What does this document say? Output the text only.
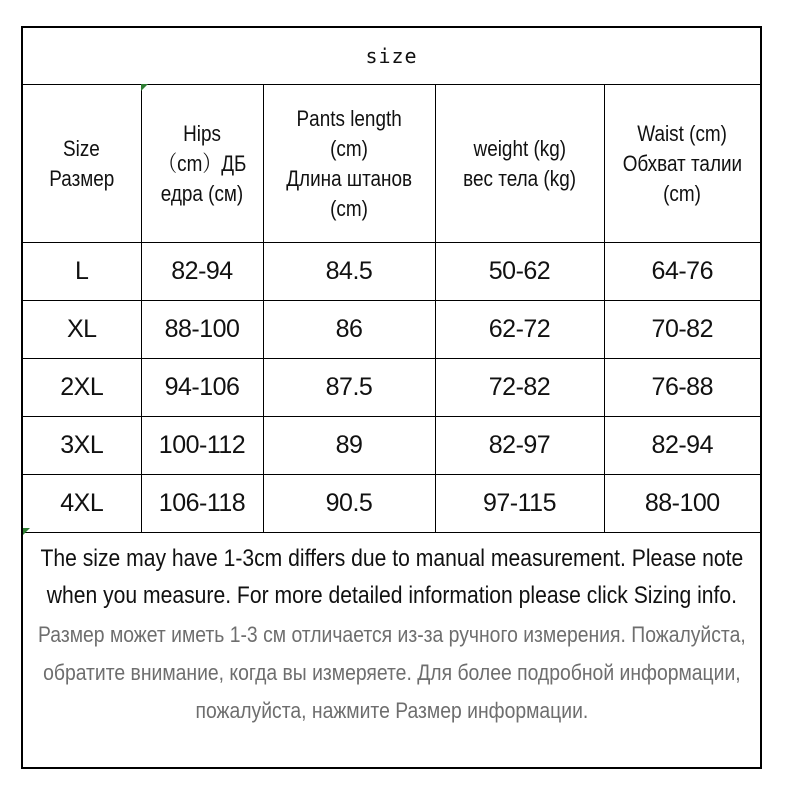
size				
Size Размер	Hips （cm）ДБ едра (см)	Pants length (cm) Длина штанов (cm)	weight (kg) вес тела (kg)	Waist (cm) Обхват талии (cm)
L	82-94	84.5	50-62	64-76
XL	88-100	86	62-72	70-82
2XL	94-106	87.5	72-82	76-88
3XL	100-112	89	82-97	82-94
4XL	106-118	90.5	97-115	88-100

The size may have 1-3cm differs due to manual measurement. Please note when you measure. For more detailed information please click Sizing info.

Размер может иметь 1-3 см отличается из-за ручного измерения. Пожалуйста, обратите внимание, когда вы измеряете. Для более подробной информации, пожалуйста, нажмите Размер информации.
